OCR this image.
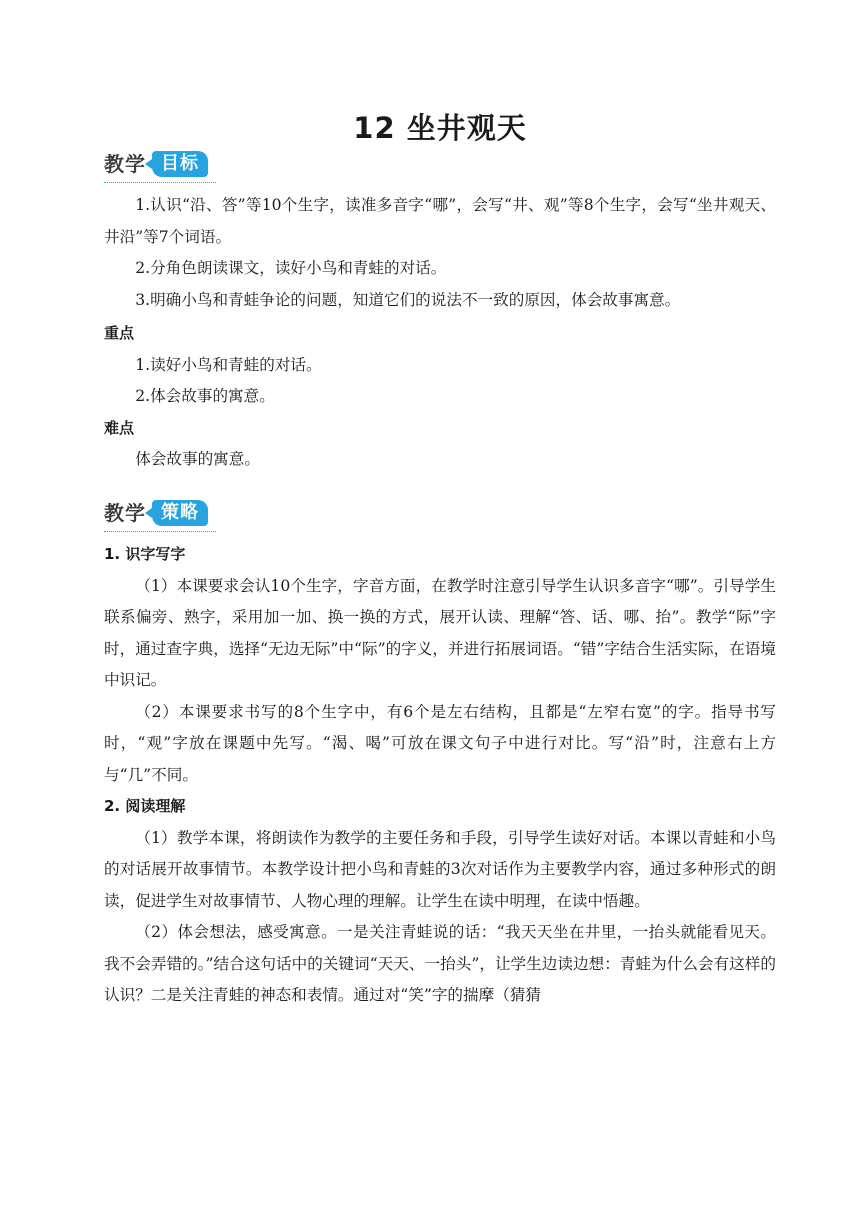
12 坐井观天
教学 目标

1.认识“沿、答”等10个生字，读准多音字“哪”，会写“井、观”等8个生字，会写“坐井观天、井沿”等7个词语。

2.分角色朗读课文，读好小鸟和青蛙的对话。

3.明确小鸟和青蛙争论的问题，知道它们的说法不一致的原因，体会故事寓意。

重点

1.读好小鸟和青蛙的对话。

2.体会故事的寓意。

难点

体会故事的寓意。

教学 策略

1. 识字写字

（1）本课要求会认10个生字，字音方面，在教学时注意引导学生认识多音字“哪”。引导学生联系偏旁、熟字，采用加一加、换一换的方式，展开认读、理解“答、话、哪、抬”。教学“际”字时，通过查字典，选择“无边无际”中“际”的字义，并进行拓展词语。“错”字结合生活实际，在语境中识记。

（2）本课要求书写的8个生字中，有6个是左右结构，且都是“左窄右宽”的字。指导书写时，“观”字放在课题中先写。“渴、喝”可放在课文句子中进行对比。写“沿”时，注意右上方与“几”不同。

2. 阅读理解

（1）教学本课，将朗读作为教学的主要任务和手段，引导学生读好对话。本课以青蛙和小鸟的对话展开故事情节。本教学设计把小鸟和青蛙的3次对话作为主要教学内容，通过多种形式的朗读，促进学生对故事情节、人物心理的理解。让学生在读中明理，在读中悟趣。

（2）体会想法，感受寓意。一是关注青蛙说的话：“我天天坐在井里，一抬头就能看见天。我不会弄错的。”结合这句话中的关键词“天天、一抬头”，让学生边读边想：青蛙为什么会有这样的认识？二是关注青蛙的神态和表情。通过对“笑”字的揣摩（猜猜
